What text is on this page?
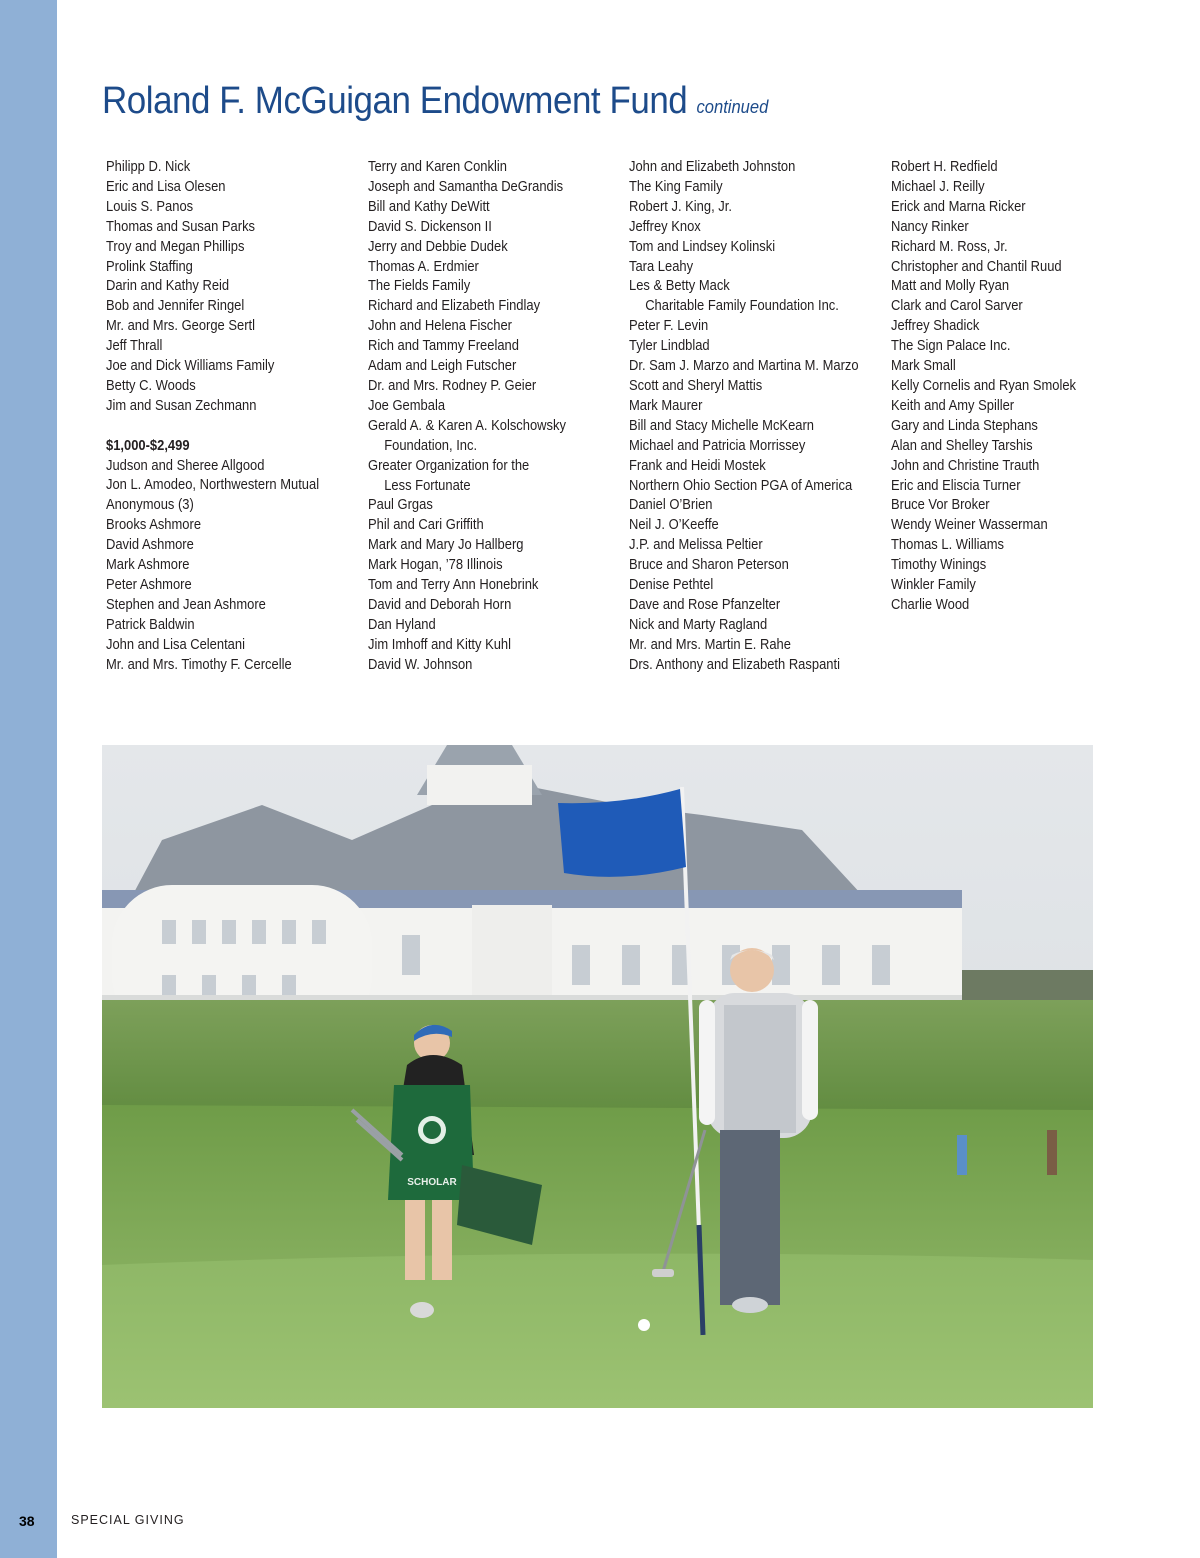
Roland F. McGuigan Endowment Fund continued
Philipp D. Nick
Eric and Lisa Olesen
Louis S. Panos
Thomas and Susan Parks
Troy and Megan Phillips
Prolink Staffing
Darin and Kathy Reid
Bob and Jennifer Ringel
Mr. and Mrs. George Sertl
Jeff Thrall
Joe and Dick Williams Family
Betty C. Woods
Jim and Susan Zechmann
$1,000-$2,499
Judson and Sheree Allgood
Jon L. Amodeo, Northwestern Mutual
Anonymous (3)
Brooks Ashmore
David Ashmore
Mark Ashmore
Peter Ashmore
Stephen and Jean Ashmore
Patrick Baldwin
John and Lisa Celentani
Mr. and Mrs. Timothy F. Cercelle
Terry and Karen Conklin
Joseph and Samantha DeGrandis
Bill and Kathy DeWitt
David S. Dickenson II
Jerry and Debbie Dudek
Thomas A. Erdmier
The Fields Family
Richard and Elizabeth Findlay
John and Helena Fischer
Rich and Tammy Freeland
Adam and Leigh Futscher
Dr. and Mrs. Rodney P. Geier
Joe Gembala
Gerald A. & Karen A. Kolschowsky
Foundation, Inc.
Greater Organization for the
Less Fortunate
Paul Grgas
Phil and Cari Griffith
Mark and Mary Jo Hallberg
Mark Hogan, ’78 Illinois
Tom and Terry Ann Honebrink
David and Deborah Horn
Dan Hyland
Jim Imhoff and Kitty Kuhl
David W. Johnson
John and Elizabeth Johnston
The King Family
Robert J. King, Jr.
Jeffrey Knox
Tom and Lindsey Kolinski
Tara Leahy
Les & Betty Mack
Charitable Family Foundation Inc.
Peter F. Levin
Tyler Lindblad
Dr. Sam J. Marzo and Martina M. Marzo
Scott and Sheryl Mattis
Mark Maurer
Bill and Stacy Michelle McKearn
Michael and Patricia Morrissey
Frank and Heidi Mostek
Northern Ohio Section PGA of America
Daniel O’Brien
Neil J. O’Keeffe
J.P. and Melissa Peltier
Bruce and Sharon Peterson
Denise Pethtel
Dave and Rose Pfanzelter
Nick and Marty Ragland
Mr. and Mrs. Martin E. Rahe
Drs. Anthony and Elizabeth Raspanti
Robert H. Redfield
Michael J. Reilly
Erick and Marna Ricker
Nancy Rinker
Richard M. Ross, Jr.
Christopher and Chantil Ruud
Matt and Molly Ryan
Clark and Carol Sarver
Jeffrey Shadick
The Sign Palace Inc.
Mark Small
Kelly Cornelis and Ryan Smolek
Keith and Amy Spiller
Gary and Linda Stephans
Alan and Shelley Tarshis
John and Christine Trauth
Eric and Eliscia Turner
Bruce Vor Broker
Wendy Weiner Wasserman
Thomas L. Williams
Timothy Winings
Winkler Family
Charlie Wood
SCHOLAR
38	SPECIAL GIVING
